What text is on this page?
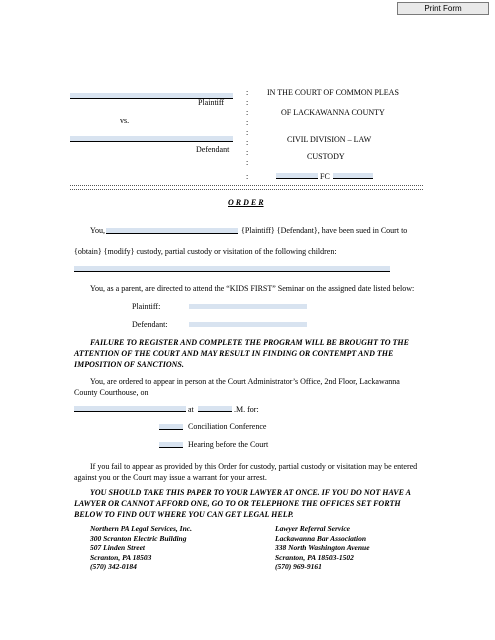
Print Form
Plaintiff
vs.
Defendant
:
:
:
:
:
:
:
:
:
IN THE COURT OF COMMON PLEAS
OF LACKAWANNA COUNTY
CIVIL DIVISION – LAW
CUSTODY
FC
O R D E R
You,	{Plaintiff} {Defendant}, have been sued in Court to
{obtain} {modify} custody, partial custody or visitation of the following children:
You, as a parent, are directed to attend the “KIDS FIRST” Seminar on the assigned date listed below:
Plaintiff:
Defendant:
FAILURE TO REGISTER AND COMPLETE THE PROGRAM WILL BE BROUGHT TO THE ATTENTION OF THE COURT AND MAY RESULT IN FINDING OR CONTEMPT AND THE IMPOSITION OF SANCTIONS.
You, are ordered to appear in person at the Court Administrator’s Office, 2nd Floor, Lackawanna County Courthouse, on
at	.M. for:
Conciliation Conference
Hearing before the Court
If you fail to appear as provided by this Order for custody, partial custody or visitation may be entered against you or the Court may issue a warrant for your arrest.
YOU SHOULD TAKE THIS PAPER TO YOUR LAWYER AT ONCE. IF YOU DO NOT HAVE A LAWYER OR CANNOT AFFORD ONE, GO TO OR TELEPHONE THE OFFICES SET FORTH BELOW TO FIND OUT WHERE YOU CAN GET LEGAL HELP.
Northern PA Legal Services, Inc.
300 Scranton Electric Building
507 Linden Street
Scranton, PA 18503
(570) 342-0184
Lawyer Referral Service
Lackawanna Bar Association
338 North Washington Avenue
Scranton, PA 18503-1502
(570) 969-9161
